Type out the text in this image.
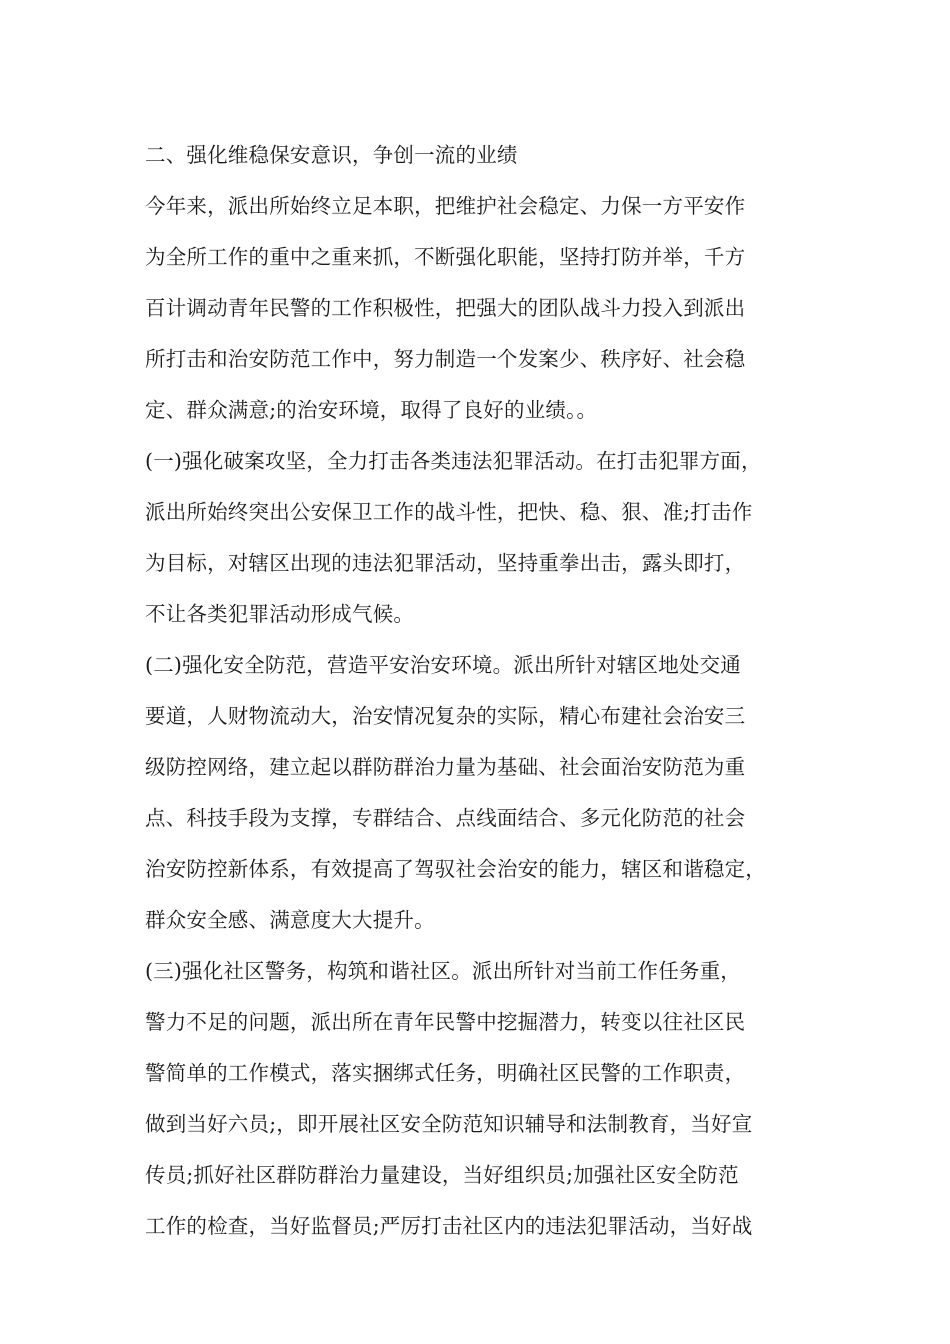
二、强化维稳保安意识，争创一流的业绩
今年来，派出所始终立足本职，把维护社会稳定、力保一方平安作
为全所工作的重中之重来抓，不断强化职能，坚持打防并举，千方
百计调动青年民警的工作积极性，把强大的团队战斗力投入到派出
所打击和治安防范工作中，努力制造一个发案少、秩序好、社会稳
定、群众满意;的治安环境，取得了良好的业绩。。
(一)强化破案攻坚，全力打击各类违法犯罪活动。在打击犯罪方面，
派出所始终突出公安保卫工作的战斗性，把快、稳、狠、准;打击作
为目标，对辖区出现的违法犯罪活动，坚持重拳出击，露头即打，
不让各类犯罪活动形成气候。
(二)强化安全防范，营造平安治安环境。派出所针对辖区地处交通
要道，人财物流动大，治安情况复杂的实际，精心布建社会治安三
级防控网络，建立起以群防群治力量为基础、社会面治安防范为重
点、科技手段为支撑，专群结合、点线面结合、多元化防范的社会
治安防控新体系，有效提高了驾驭社会治安的能力，辖区和谐稳定，
群众安全感、满意度大大提升。
(三)强化社区警务，构筑和谐社区。派出所针对当前工作任务重，
警力不足的问题，派出所在青年民警中挖掘潜力，转变以往社区民
警简单的工作模式，落实捆绑式任务，明确社区民警的工作职责，
做到当好六员;，即开展社区安全防范知识辅导和法制教育，当好宣
传员;抓好社区群防群治力量建设，当好组织员;加强社区安全防范
工作的检查，当好监督员;严厉打击社区内的违法犯罪活动，当好战
